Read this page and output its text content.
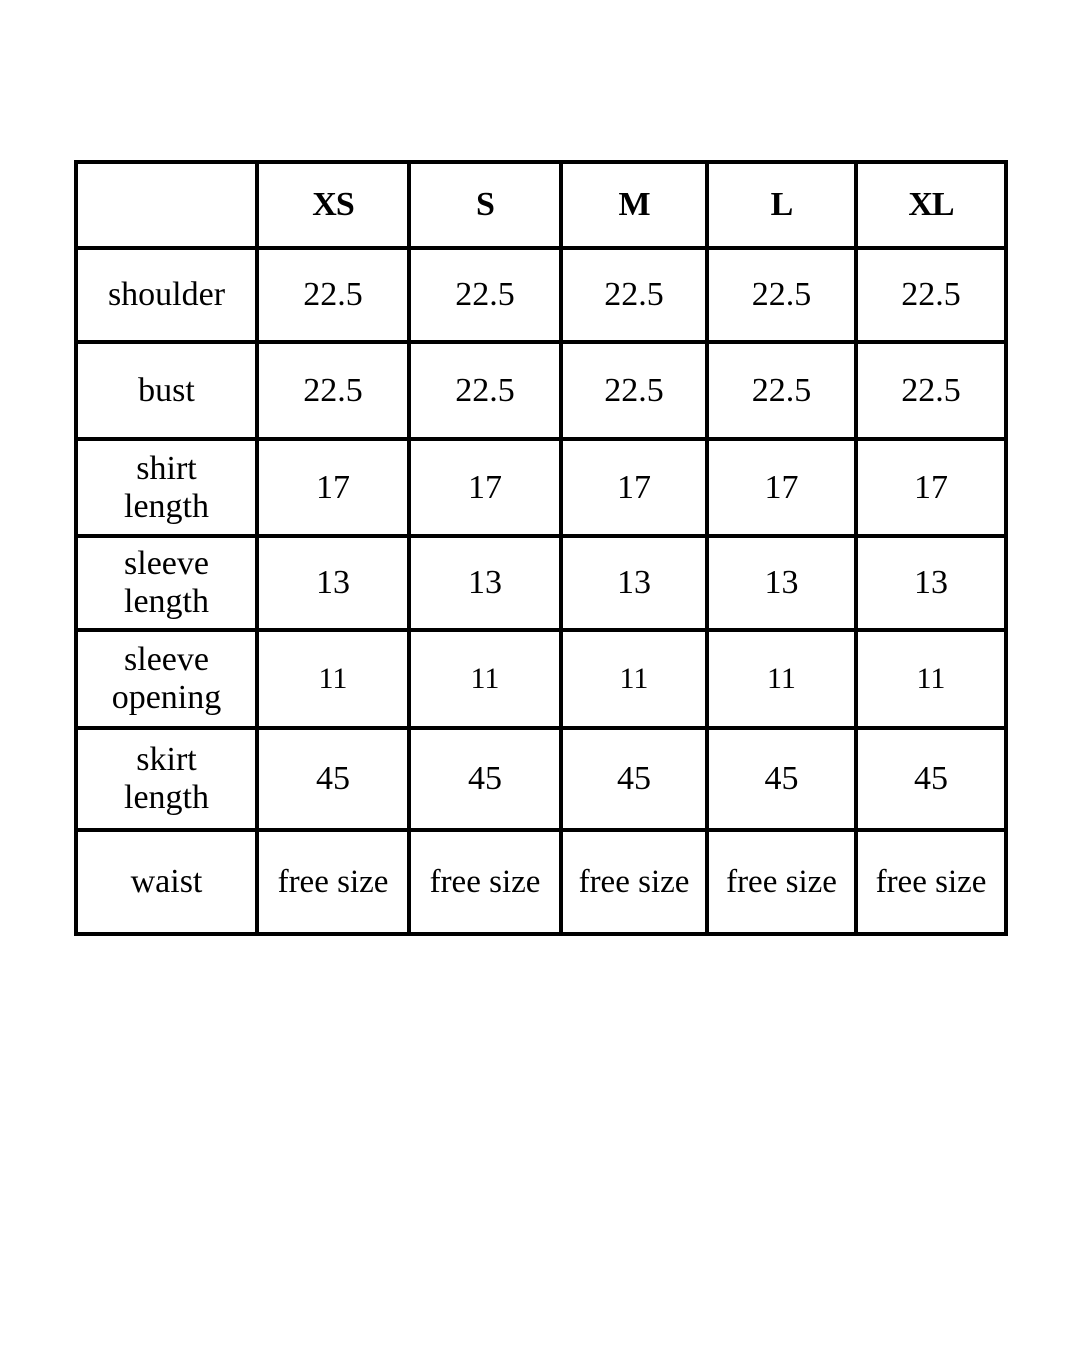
	XS	S	M	L	XL
shoulder	22.5	22.5	22.5	22.5	22.5
bust	22.5	22.5	22.5	22.5	22.5
shirt
length	17	17	17	17	17
sleeve
length	13	13	13	13	13
sleeve
opening	11	11	11	11	11
skirt
length	45	45	45	45	45
waist	free size	free size	free size	free size	free size
